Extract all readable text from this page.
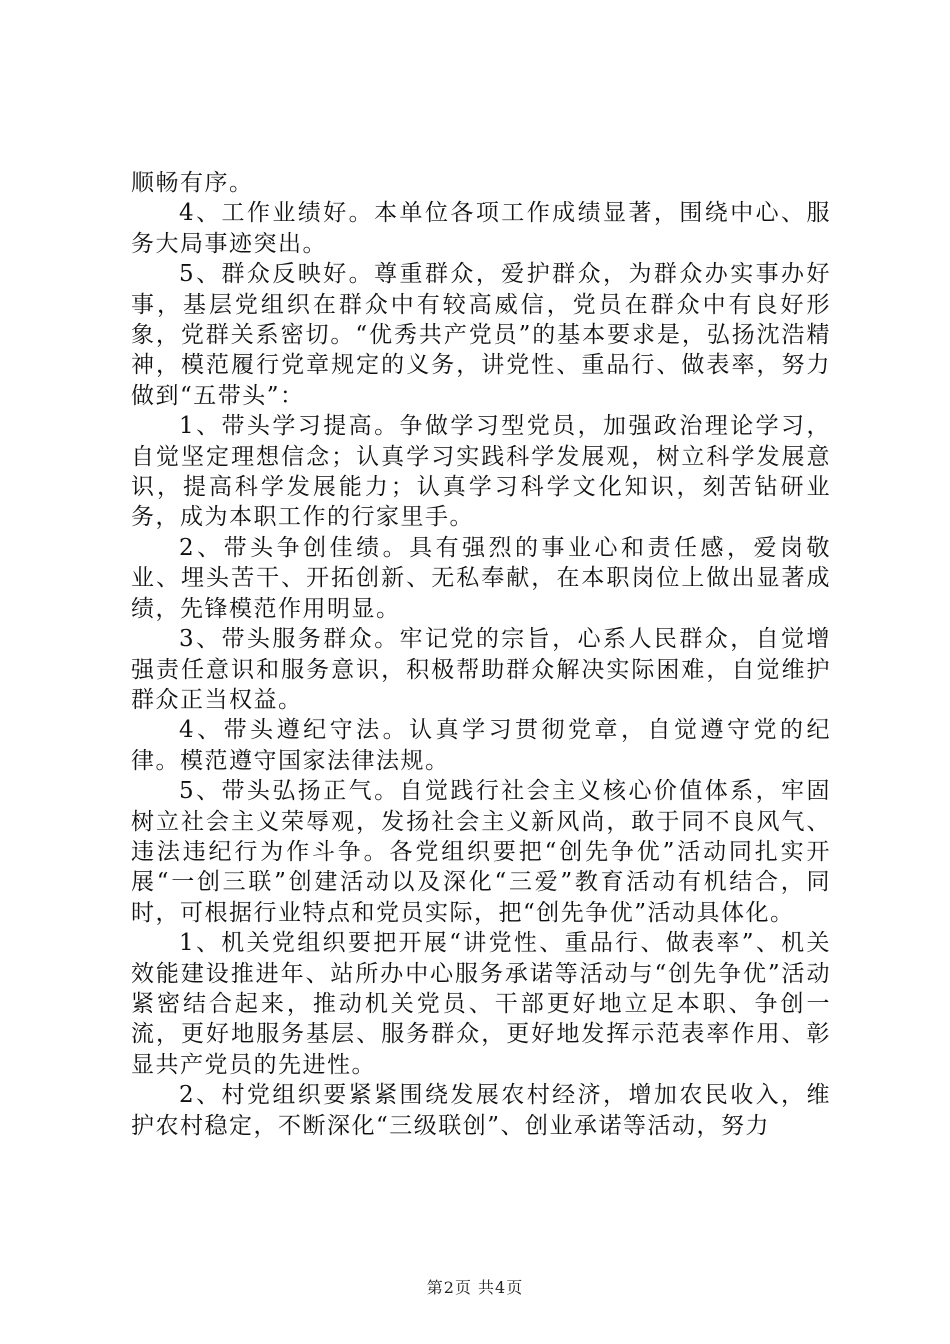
顺畅有序。

4、工作业绩好。本单位各项工作成绩显著，围绕中心、服务大局事迹突出。

5、群众反映好。尊重群众，爱护群众，为群众办实事办好事，基层党组织在群众中有较高威信，党员在群众中有良好形象，党群关系密切。“优秀共产党员”的基本要求是，弘扬沈浩精神，模范履行党章规定的义务，讲党性、重品行、做表率，努力做到“五带头”：

1、带头学习提高。争做学习型党员，加强政治理论学习，自觉坚定理想信念；认真学习实践科学发展观，树立科学发展意识，提高科学发展能力；认真学习科学文化知识，刻苦钻研业务，成为本职工作的行家里手。

2、带头争创佳绩。具有强烈的事业心和责任感，爱岗敬业、埋头苦干、开拓创新、无私奉献，在本职岗位上做出显著成绩，先锋模范作用明显。

3、带头服务群众。牢记党的宗旨，心系人民群众，自觉增强责任意识和服务意识，积极帮助群众解决实际困难，自觉维护群众正当权益。

4、带头遵纪守法。认真学习贯彻党章，自觉遵守党的纪律。模范遵守国家法律法规。

5、带头弘扬正气。自觉践行社会主义核心价值体系，牢固树立社会主义荣辱观，发扬社会主义新风尚，敢于同不良风气、违法违纪行为作斗争。各党组织要把“创先争优”活动同扎实开展“一创三联”创建活动以及深化“三爱”教育活动有机结合，同时，可根据行业特点和党员实际，把“创先争优”活动具体化。

1、机关党组织要把开展“讲党性、重品行、做表率”、机关效能建设推进年、站所办中心服务承诺等活动与“创先争优”活动紧密结合起来，推动机关党员、干部更好地立足本职、争创一流，更好地服务基层、服务群众，更好地发挥示范表率作用、彰显共产党员的先进性。

2、村党组织要紧紧围绕发展农村经济，增加农民收入，维护农村稳定，不断深化“三级联创”、创业承诺等活动，努力

第2页 共4页
